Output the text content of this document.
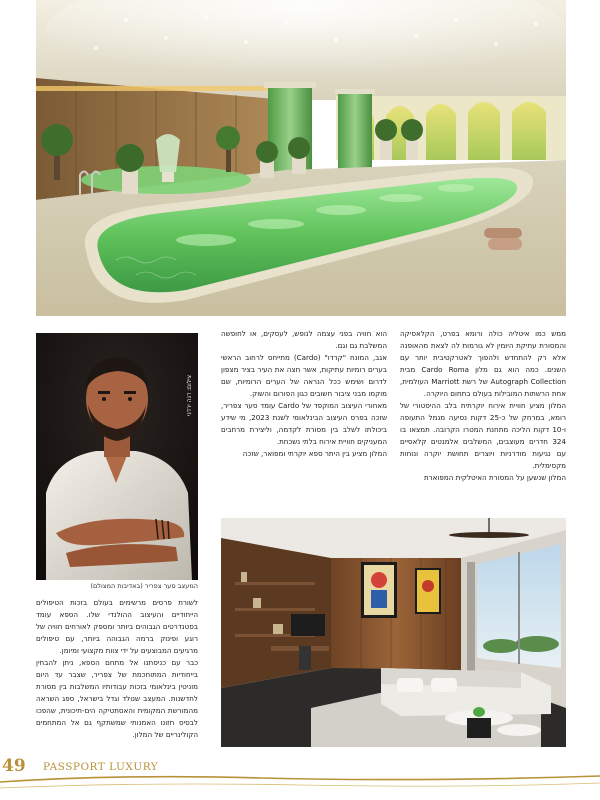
צילום: דנה ירדני
המעצב סער צפריר (באדיבות המצולם)

ממש כמו איטליה כולה ורומא בפרט, הקלאסיקה והמסורת עתיקת היומין לא גורמות לה לצאת מהאופנה אלא רק להתחדש ולהפוך לאטרקטיבית יותר עם השנים. כמה הוא גם מלון Cardo Roma מבית Autograph Collection של רשת Marriott העולמית, אחת הרשתות המובילות בעולם בתחום היוקרה.

המלון מציע חוויית אירוח יוקרתית בלב ההיסטורי של רומא, במרחק של כ-25 דקות נסיעה מנמל התעופה ו-10 דקות הליכה מתחנת המטרו הקרובה. תמצאו בו 324 חדרים מעוצבים, המשלבים אלמנטים קלאסיים עם נגיעות מודרניות ויוצרים תחושת יוקרה ונוחות מקסימלית.

המלון שנשען על המסורת האיטלקית המפוארת

הוא חוויה בפני עצמה לנופש, לעסקים, או לחופשה המשלבת גם וגם.

אגב, המונח "קרדו" (Cardo) מתייחס לרחוב הראשי בערים רומיות עתיקות, אשר חצה את העיר בציר מצפון לדרום ושימש ככל הנראה של הערים הרומיות, שם מוקמו מבני ציבור חשובים כגון הפורום והשוק.

מאחורי העיצוב המוקפד של Cardo עומד סער צפריר, שזכה בפרס העיצוב הבינלאומי לשנת 2023, מי שידע ביכולתו לשלב בין מסורת לקדמה, וליצירת מרחבים המעניקים חוויית אירוח בלתי נשכחת.

המלון מציע בין היתר ספא יוקרתי ומפואר, שזכה

לשורת פרסים מרשימים בעולם בזכות הטיפולים הייחודיים והעיצוב ההולנדי שלו. הספא עומד בסטנדרטים הגבוהים ביותר ומספק לאורחים חוויה של רוגע ופינוק ברמה הגבוהה ביותר, עם טיפולים מרגיעים המבוצעים על ידי צוות מקצועי ומיומן.

כבר עם כניסתנו אל מתחם הספא, ניתן להבחין בייחודיות המתוחכמת של צפריר, שצבר עד היום מוניטין בינלאומי בזכות עבודותיו המשלבות בין מסורת לחדשנות. המעצב שנולד וגדל בישראל, ספג השראה מהמורשת המקומית והאסתטיקה הים-תיכונית, שהפכו לבסיס חזונו האמנותי שמשתקף גם אל המתחמים הקולינריים של המלון.

49 PASSPORT LUXURY
